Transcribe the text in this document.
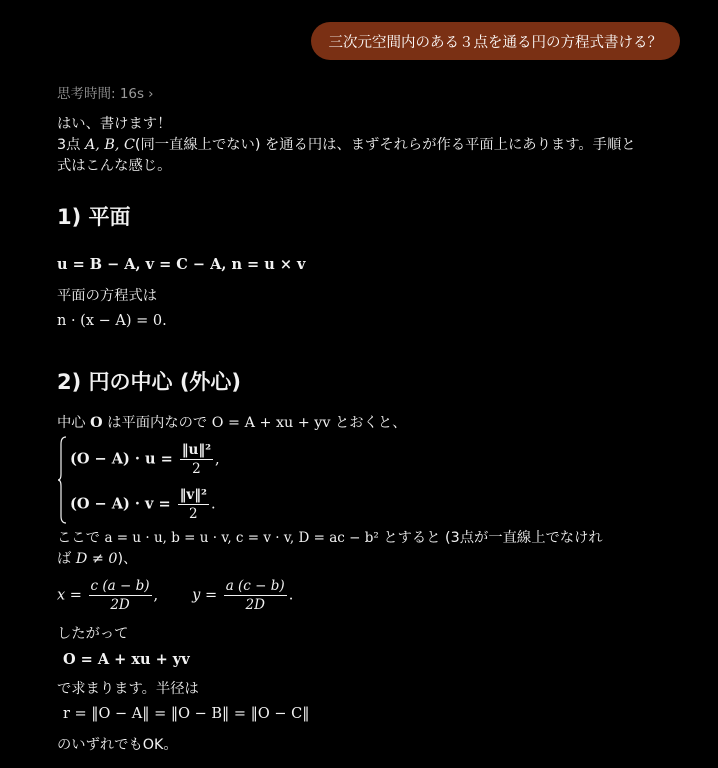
三次元空間内のある３点を通る円の方程式書ける？
思考時間: 16s ›
はい、書けます！
3点 A, B, C(同一直線上でない) を通る円は、まずそれらが作る平面上にあります。手順と
式はこんな感じ。
1) 平面
u = B − A, v = C − A, n = u × v
平面の方程式は
n · (x − A) = 0.
2) 円の中心 (外心)
中心 O は平面内なので O = A + xu + yv とおくと、
$(O - A) \cdot u = \frac{\text{‖u‖²}}{2}$ ,
$(O - A) \cdot v = \frac{\text{‖v‖²}}{2}$ .
ここで a = u · u, b = u · v, c = v · v, D = ac − b² とすると (3点が一直線上でなけれ
ば D ≠ 0)、
$x = \frac{c (a - b)}{2D}$ , $y = \frac{a (c - b)}{2D}$ .
したがって
O = A + xu + yv
で求まります。半径は
r = ‖O − A‖ = ‖O − B‖ = ‖O − C‖
のいずれでもOK。
